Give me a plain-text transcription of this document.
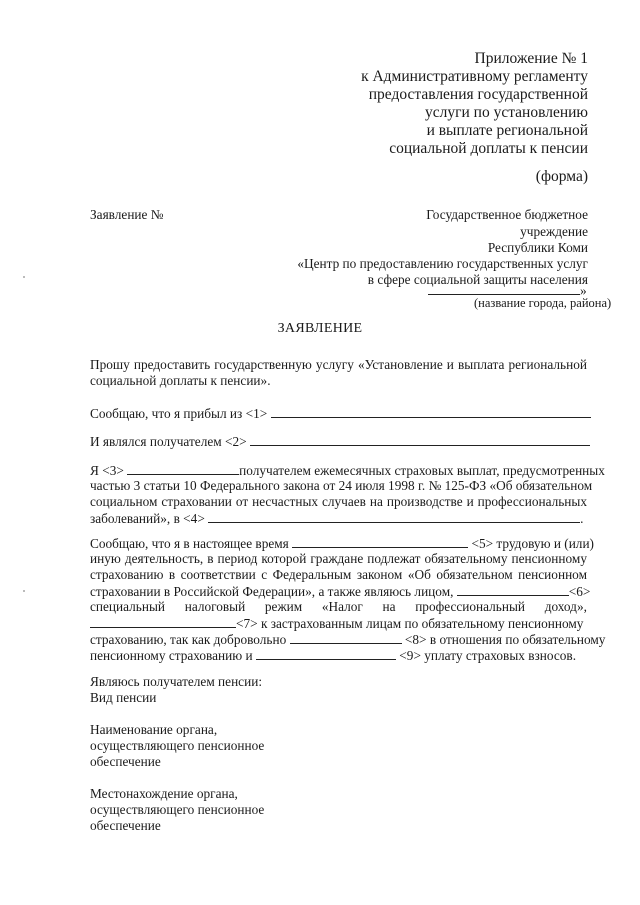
Приложение № 1
к Административному регламенту
предоставления государственной
услуги по установлению
и выплате региональной
социальной доплаты к пенсии
(форма)
Заявление №	Государственное бюджетное
учреждение
Республики Коми
«Центр по предоставлению государственных услуг
в сфере социальной защиты населения
»
(название города, района)
ЗАЯВЛЕНИЕ
Прошу предоставить государственную услугу «Установление и выплата региональной
социальной доплаты к пенсии».
Сообщаю, что я прибыл из <1>
И являлся получателем <2>
Я <3>	получателем ежемесячных страховых выплат, предусмотренных
частью 3 статьи 10 Федерального закона от 24 июля 1998 г. № 125-ФЗ «Об обязательном
социальном страховании от несчастных случаев на производстве и профессиональных
заболеваний», в <4>	.
Сообщаю, что я в настоящее время	<5> трудовую и (или)
иную деятельность, в период которой граждане подлежат обязательному пенсионному
страхованию в соответствии с Федеральным законом «Об обязательном пенсионном
страховании в Российской Федерации», а также являюсь лицом,	<6>
специальный налоговый режим «Налог на профессиональный доход»,
<7> к застрахованным лицам по обязательному пенсионному
страхованию, так как добровольно	<8> в отношения по обязательному
пенсионному страхованию и	<9> уплату страховых взносов.
Являюсь получателем пенсии:
Вид пенсии
Наименование органа,
осуществляющего пенсионное
обеспечение
Местонахождение органа,
осуществляющего пенсионное
обеспечение
